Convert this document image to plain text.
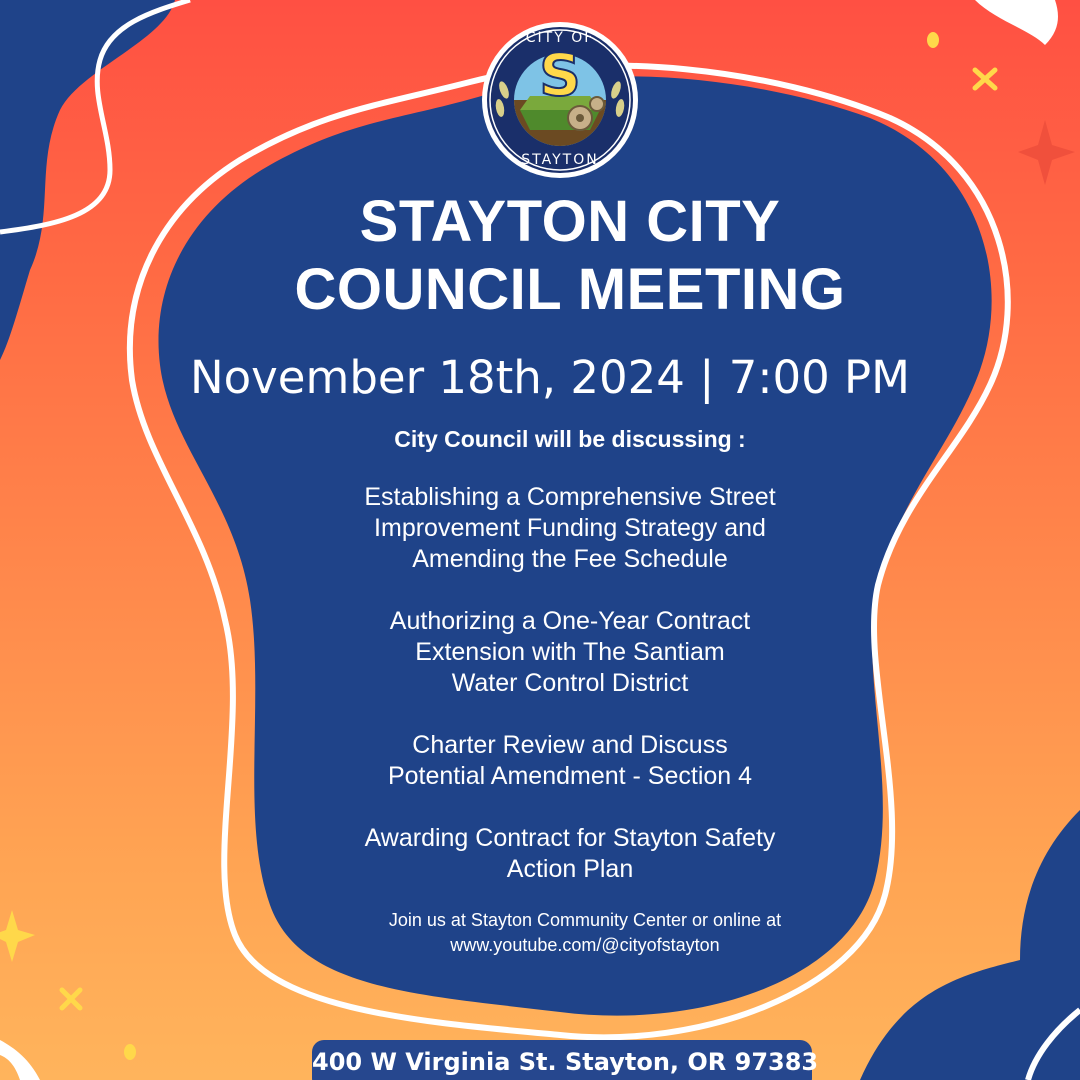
S
CITY OF
STAYTON
STAYTON CITY
COUNCIL MEETING
November 18th, 2024 | 7:00 PM
City Council will be discussing :
Establishing a Comprehensive Street
Improvement Funding Strategy and
Amending the Fee Schedule
Authorizing a One-Year Contract
Extension with The Santiam
Water Control District
Charter Review and Discuss
Potential Amendment - Section 4
Awarding Contract for Stayton Safety
Action Plan
Join us at Stayton Community Center or online at
www.youtube.com/@cityofstayton
400 W Virginia St. Stayton, OR 97383
